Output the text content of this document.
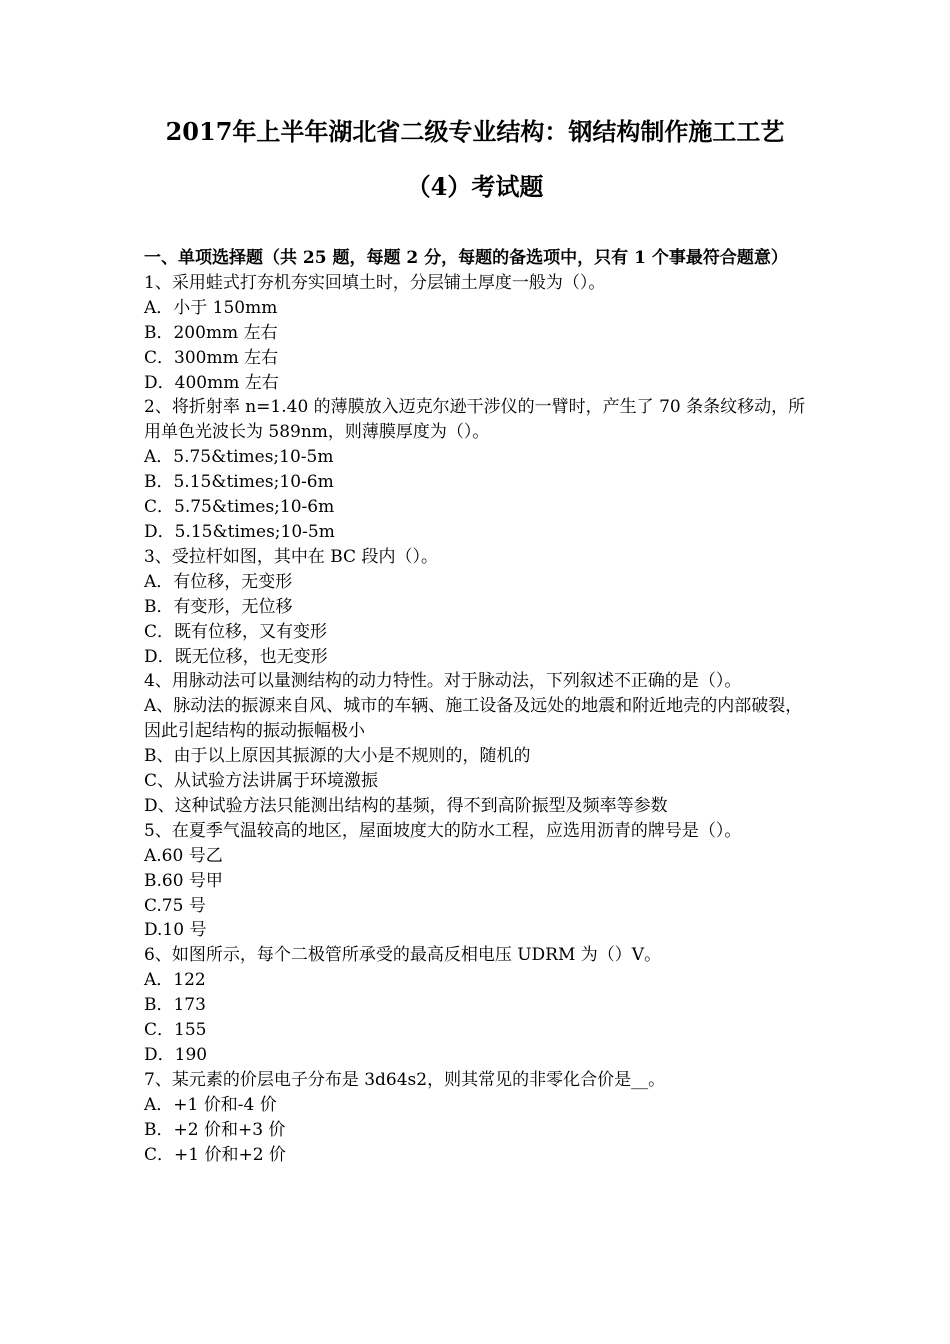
2017年上半年湖北省二级专业结构：钢结构制作施工工艺
（4）考试题

一、单项选择题（共 25 题，每题 2 分，每题的备选项中，只有 1 个事最符合题意）

1、采用蛙式打夯机夯实回填土时，分层铺土厚度一般为（）。

A．小于 150mm

B．200mm 左右

C．300mm 左右

D．400mm 左右

2、将折射率 n=1.40 的薄膜放入迈克尔逊干涉仪的一臂时，产生了 70 条条纹移动，所用单色光波长为 589nm，则薄膜厚度为（）。

A．5.75&times;10-5m

B．5.15&times;10-6m

C．5.75&times;10-6m

D．5.15&times;10-5m

3、受拉杆如图，其中在 BC 段内（）。

A．有位移，无变形

B．有变形，无位移

C．既有位移，又有变形

D．既无位移，也无变形

4、用脉动法可以量测结构的动力特性。对于脉动法，下列叙述不正确的是（）。

A、脉动法的振源来自风、城市的车辆、施工设备及远处的地震和附近地壳的内部破裂，因此引起结构的振动振幅极小

B、由于以上原因其振源的大小是不规则的，随机的

C、从试验方法讲属于环境激振

D、这种试验方法只能测出结构的基频，得不到高阶振型及频率等参数

5、在夏季气温较高的地区，屋面坡度大的防水工程，应选用沥青的牌号是（）。

A.60 号乙

B.60 号甲

C.75 号

D.10 号

6、如图所示，每个二极管所承受的最高反相电压 UDRM 为（）V。

A．122

B．173

C．155

D．190

7、某元素的价层电子分布是 3d64s2，则其常见的非零化合价是__。

A．+1 价和-4 价

B．+2 价和+3 价

C．+1 价和+2 价
